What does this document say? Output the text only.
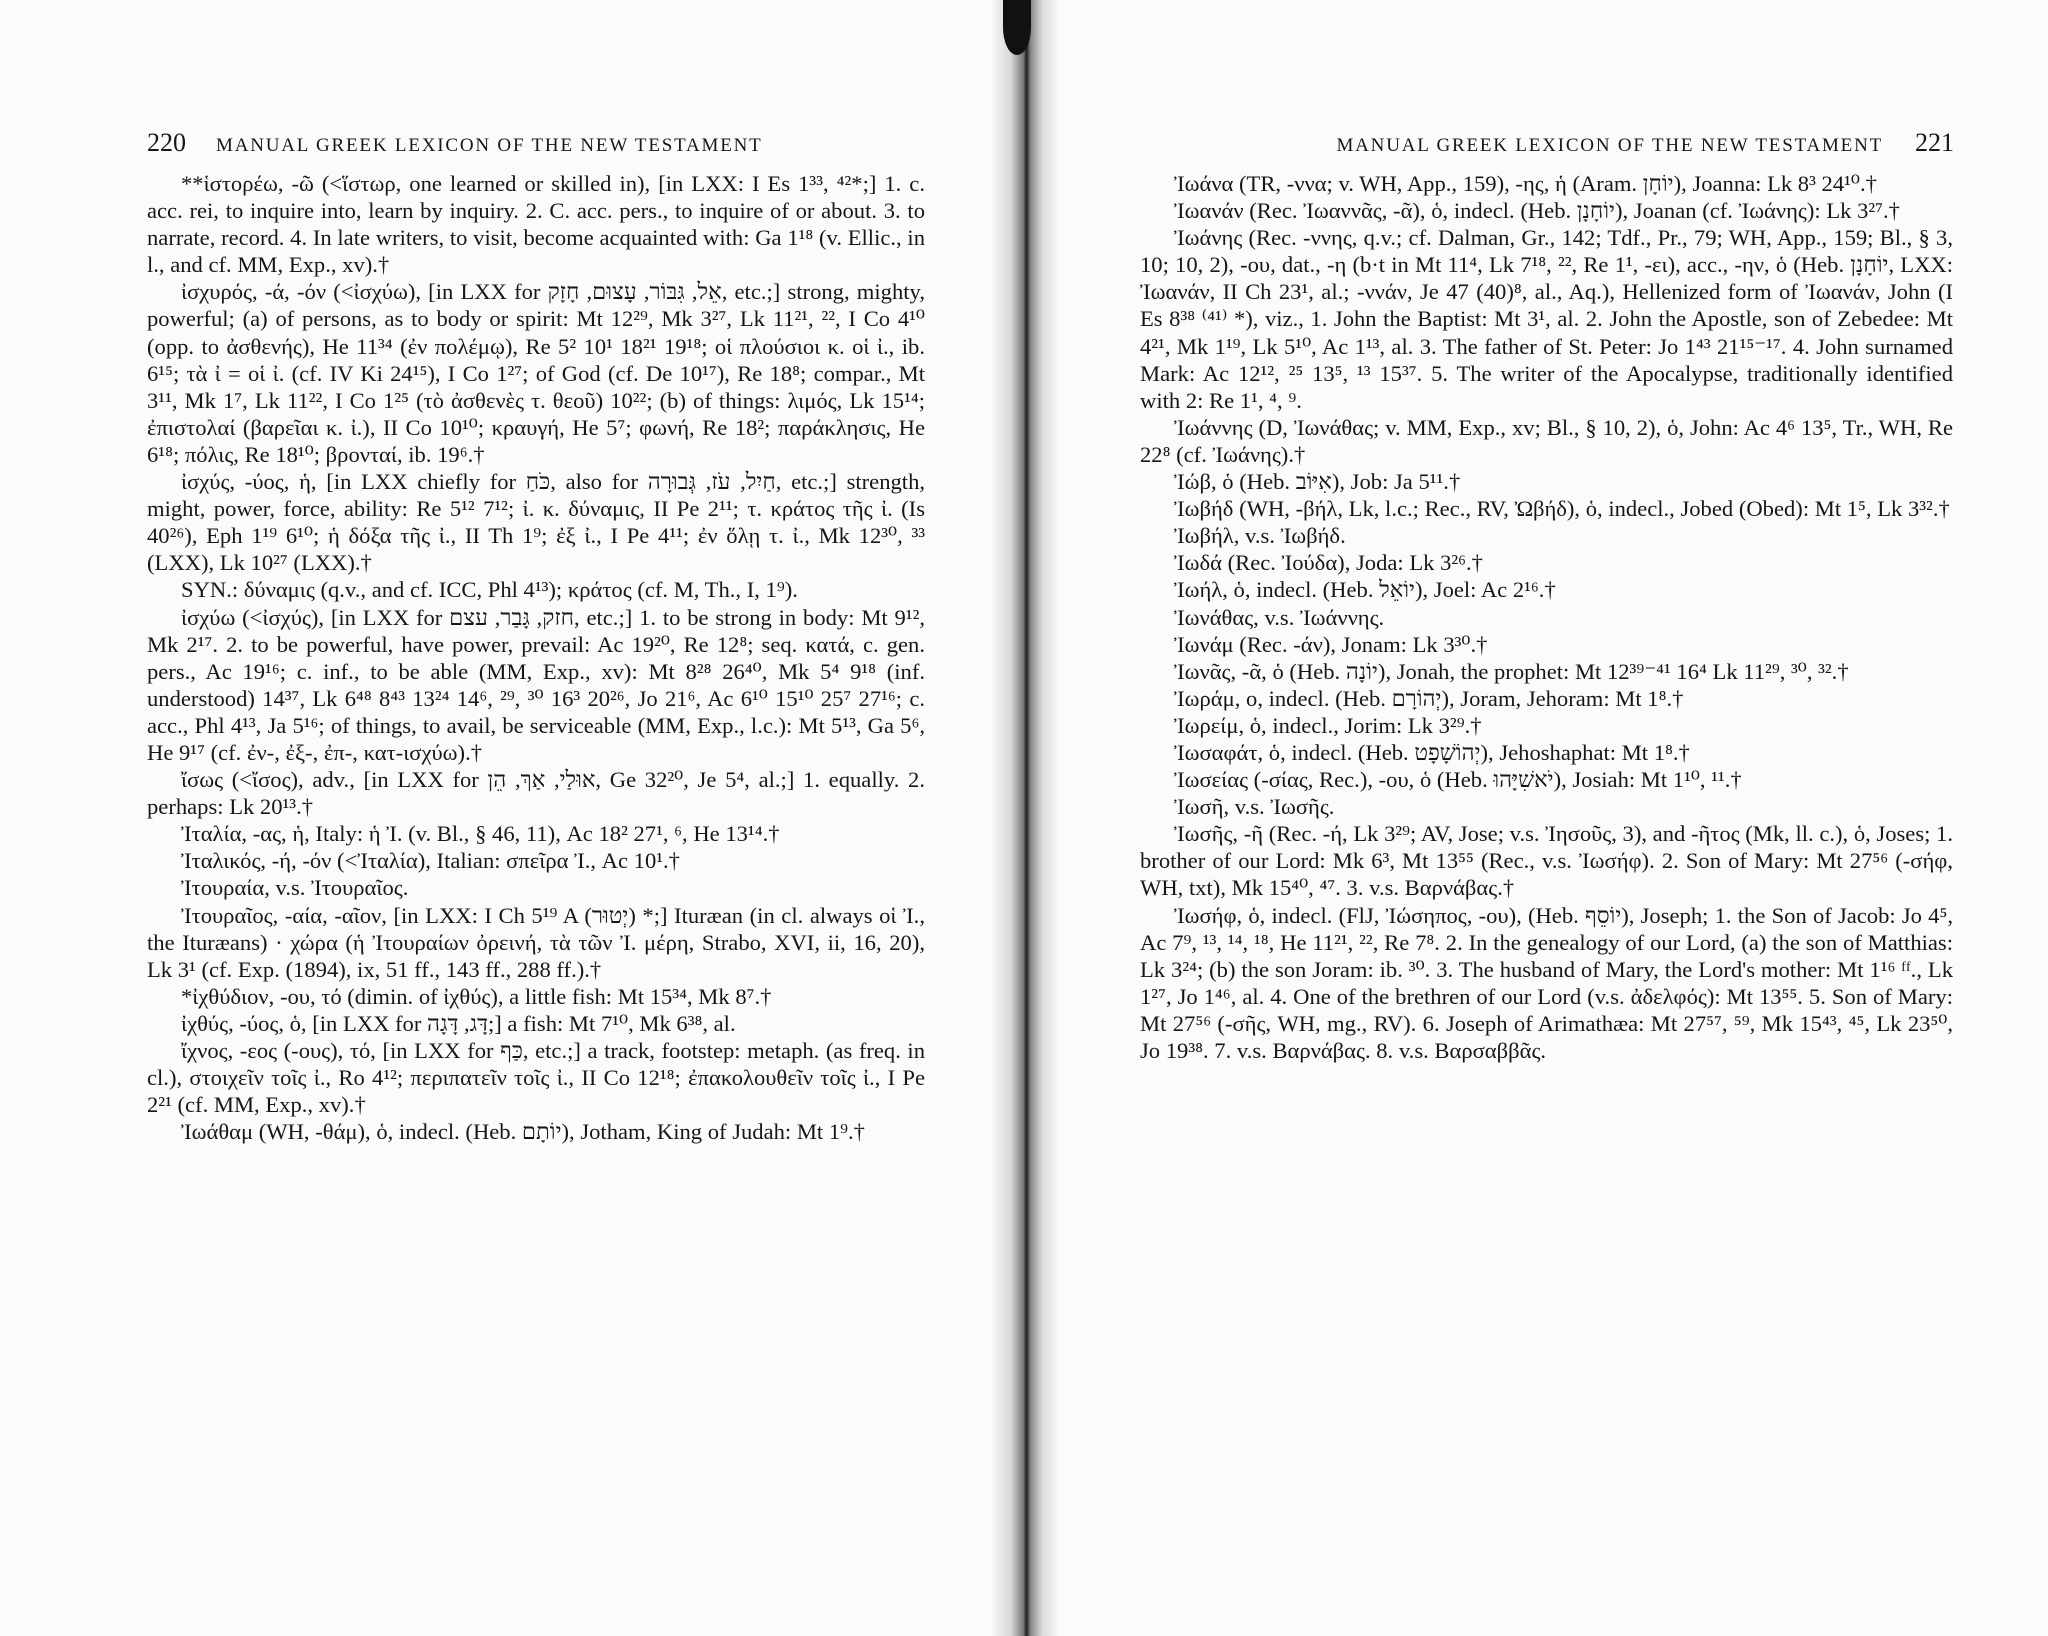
220 MANUAL GREEK LEXICON OF THE NEW TESTAMENT

**ἱστορέω, -ῶ (<ἵστωρ, one learned or skilled in), [in LXX: I Es 1³³, ⁴²*;] 1. c. acc. rei, to inquire into, learn by inquiry. 2. C. acc. pers., to inquire of or about. 3. to narrate, record. 4. In late writers, to visit, become acquainted with: Ga 1¹⁸ (v. Ellic., in l., and cf. MM, Exp., xv).†

ἰσχυρός, -ά, -όν (<ἰσχύω), [in LXX for אֵל, גִּבּוֹר, עָצוּם, חָזָק, etc.;] strong, mighty, powerful; (a) of persons, as to body or spirit: Mt 12²⁹, Mk 3²⁷, Lk 11²¹, ²², I Co 4¹⁰ (opp. to ἀσθενής), He 11³⁴ (ἐν πολέμῳ), Re 5² 10¹ 18²¹ 19¹⁸; οἱ πλούσιοι κ. οἱ ἰ., ib. 6¹⁵; τὰ ἰ = οἱ ἰ. (cf. IV Ki 24¹⁵), I Co 1²⁷; of God (cf. De 10¹⁷), Re 18⁸; compar., Mt 3¹¹, Mk 1⁷, Lk 11²², I Co 1²⁵ (τὸ ἀσθενὲς τ. θεοῦ) 10²²; (b) of things: λιμός, Lk 15¹⁴; ἐπιστολαί (βαρεῖαι κ. ἰ.), II Co 10¹⁰; κραυγή, He 5⁷; φωνή, Re 18²; παράκλησις, He 6¹⁸; πόλις, Re 18¹⁰; βρονταί, ib. 19⁶.†

ἰσχύς, -ύος, ἡ, [in LXX chiefly for כֹּחַ, also for חַיִל, עֹז, גְּבוּרָה, etc.;] strength, might, power, force, ability: Re 5¹² 7¹²; ἰ. κ. δύναμις, II Pe 2¹¹; τ. κράτος τῆς ἰ. (Is 40²⁶), Eph 1¹⁹ 6¹⁰; ἡ δόξα τῆς ἰ., II Th 1⁹; ἐξ ἰ., I Pe 4¹¹; ἐν ὅλῃ τ. ἰ., Mk 12³⁰, ³³ (LXX), Lk 10²⁷ (LXX).†

SYN.: δύναμις (q.v., and cf. ICC, Phl 4¹³); κράτος (cf. M, Th., I, 1⁹).

ἰσχύω (<ἰσχύς), [in LXX for חזק, גָּבַר, עצם, etc.;] 1. to be strong in body: Mt 9¹², Mk 2¹⁷. 2. to be powerful, have power, prevail: Ac 19²⁰, Re 12⁸; seq. κατά, c. gen. pers., Ac 19¹⁶; c. inf., to be able (MM, Exp., xv): Mt 8²⁸ 26⁴⁰, Mk 5⁴ 9¹⁸ (inf. understood) 14³⁷, Lk 6⁴⁸ 8⁴³ 13²⁴ 14⁶, ²⁹, ³⁰ 16³ 20²⁶, Jo 21⁶, Ac 6¹⁰ 15¹⁰ 25⁷ 27¹⁶; c. acc., Phl 4¹³, Ja 5¹⁶; of things, to avail, be serviceable (MM, Exp., l.c.): Mt 5¹³, Ga 5⁶, He 9¹⁷ (cf. ἐν-, ἐξ-, ἐπ-, κατ-ισχύω).†

ἴσως (<ἴσος), adv., [in LXX for אוּלַי, אַךְ, הֵן, Ge 32²⁰, Je 5⁴, al.;] 1. equally. 2. perhaps: Lk 20¹³.†

Ἰταλία, -ας, ἡ, Italy: ἡ Ἰ. (v. Bl., § 46, 11), Ac 18² 27¹, ⁶, He 13¹⁴.†

Ἰταλικός, -ή, -όν (<Ἰταλία), Italian: σπεῖρα Ἰ., Ac 10¹.†

Ἰτουραία, v.s. Ἰτουραῖος.

Ἰτουραῖος, -αία, -αῖον, [in LXX: I Ch 5¹⁹ A (יְטוּר) *;] Ituræan (in cl. always οἱ Ἰ., the Ituræans) · χώρα (ἡ Ἰτουραίων ὀρεινή, τὰ τῶν Ἰ. μέρη, Strabo, XVI, ii, 16, 20), Lk 3¹ (cf. Exp. (1894), ix, 51 ff., 143 ff., 288 ff.).†

*ἰχθύδιον, -ου, τό (dimin. of ἰχθύς), a little fish: Mt 15³⁴, Mk 8⁷.†

ἰχθύς, -ύος, ὁ, [in LXX for דָּג, דָּגָה;] a fish: Mt 7¹⁰, Mk 6³⁸, al.

ἴχνος, -εος (-ους), τό, [in LXX for כַּף, etc.;] a track, footstep: metaph. (as freq. in cl.), στοιχεῖν τοῖς ἰ., Ro 4¹²; περιπατεῖν τοῖς ἰ., II Co 12¹⁸; ἐπακολουθεῖν τοῖς ἰ., I Pe 2²¹ (cf. MM, Exp., xv).†

Ἰωάθαμ (WH, -θάμ), ὁ, indecl. (Heb. יוֹתָם), Jotham, King of Judah: Mt 1⁹.†

MANUAL GREEK LEXICON OF THE NEW TESTAMENT 221

Ἰωάνα (TR, -ννα; v. WH, App., 159), -ης, ἡ (Aram. יוֹחָן), Joanna: Lk 8³ 24¹⁰.†

Ἰωανάν (Rec. Ἰωαννᾶς, -ᾶ), ὁ, indecl. (Heb. יוֹחָנָן), Joanan (cf. Ἰωάνης): Lk 3²⁷.†

Ἰωάνης (Rec. -ννης, q.v.; cf. Dalman, Gr., 142; Tdf., Pr., 79; WH, App., 159; Bl., § 3, 10; 10, 2), -ου, dat., -η (b·t in Mt 11⁴, Lk 7¹⁸, ²², Re 1¹, -ει), acc., -ην, ὁ (Heb. יוֹחָנָן, LXX: Ἰωανάν, II Ch 23¹, al.; -ννάν, Je 47 (40)⁸, al., Aq.), Hellenized form of Ἰωανάν, John (I Es 8³⁸ ⁽⁴¹⁾ *), viz., 1. John the Baptist: Mt 3¹, al. 2. John the Apostle, son of Zebedee: Mt 4²¹, Mk 1¹⁹, Lk 5¹⁰, Ac 1¹³, al. 3. The father of St. Peter: Jo 1⁴³ 21¹⁵⁻¹⁷. 4. John surnamed Mark: Ac 12¹², ²⁵ 13⁵, ¹³ 15³⁷. 5. The writer of the Apocalypse, traditionally identified with 2: Re 1¹, ⁴, ⁹.

Ἰωάννης (D, Ἰωνάθας; v. MM, Exp., xv; Bl., § 10, 2), ὁ, John: Ac 4⁶ 13⁵, Tr., WH, Re 22⁸ (cf. Ἰωάνης).†

Ἰώβ, ὁ (Heb. אִיּוֹב), Job: Ja 5¹¹.†

Ἰωβήδ (WH, -βήλ, Lk, l.c.; Rec., RV, Ὠβήδ), ὁ, indecl., Jobed (Obed): Mt 1⁵, Lk 3³².†

Ἰωβήλ, v.s. Ἰωβήδ.

Ἰωδά (Rec. Ἰούδα), Joda: Lk 3²⁶.†

Ἰωήλ, ὁ, indecl. (Heb. יוֹאֵל), Joel: Ac 2¹⁶.†

Ἰωνάθας, v.s. Ἰωάννης.

Ἰωνάμ (Rec. -άν), Jonam: Lk 3³⁰.†

Ἰωνᾶς, -ᾶ, ὁ (Heb. יוֹנָה), Jonah, the prophet: Mt 12³⁹⁻⁴¹ 16⁴ Lk 11²⁹, ³⁰, ³².†

Ἰωράμ, ο, indecl. (Heb. יְהוֹרָם), Joram, Jehoram: Mt 1⁸.†

Ἰωρείμ, ὁ, indecl., Jorim: Lk 3²⁹.†

Ἰωσαφάτ, ὁ, indecl. (Heb. יְהוֹשָׁפָט), Jehoshaphat: Mt 1⁸.†

Ἰωσείας (-σίας, Rec.), -ου, ὁ (Heb. יֹאשִׁיָּהוּ), Josiah: Mt 1¹⁰, ¹¹.†

Ἰωσῆ, v.s. Ἰωσῆς.

Ἰωσῆς, -ῆ (Rec. -ή, Lk 3²⁹; AV, Jose; v.s. Ἰησοῦς, 3), and -ῆτος (Mk, ll. c.), ὁ, Joses; 1. brother of our Lord: Mk 6³, Mt 13⁵⁵ (Rec., v.s. Ἰωσήφ). 2. Son of Mary: Mt 27⁵⁶ (-σήφ, WH, txt), Mk 15⁴⁰, ⁴⁷. 3. v.s. Βαρνάβας.†

Ἰωσήφ, ὁ, indecl. (FlJ, Ἰώσηπος, -ου), (Heb. יוֹסֵף), Joseph; 1. the Son of Jacob: Jo 4⁵, Ac 7⁹, ¹³, ¹⁴, ¹⁸, He 11²¹, ²², Re 7⁸. 2. In the genealogy of our Lord, (a) the son of Matthias: Lk 3²⁴; (b) the son Joram: ib. ³⁰. 3. The husband of Mary, the Lord's mother: Mt 1¹⁶ ᶠᶠ., Lk 1²⁷, Jo 1⁴⁶, al. 4. One of the brethren of our Lord (v.s. ἀδελφός): Mt 13⁵⁵. 5. Son of Mary: Mt 27⁵⁶ (-σῆς, WH, mg., RV). 6. Joseph of Arimathæa: Mt 27⁵⁷, ⁵⁹, Mk 15⁴³, ⁴⁵, Lk 23⁵⁰, Jo 19³⁸. 7. v.s. Βαρνάβας. 8. v.s. Βαρσαββᾶς.
